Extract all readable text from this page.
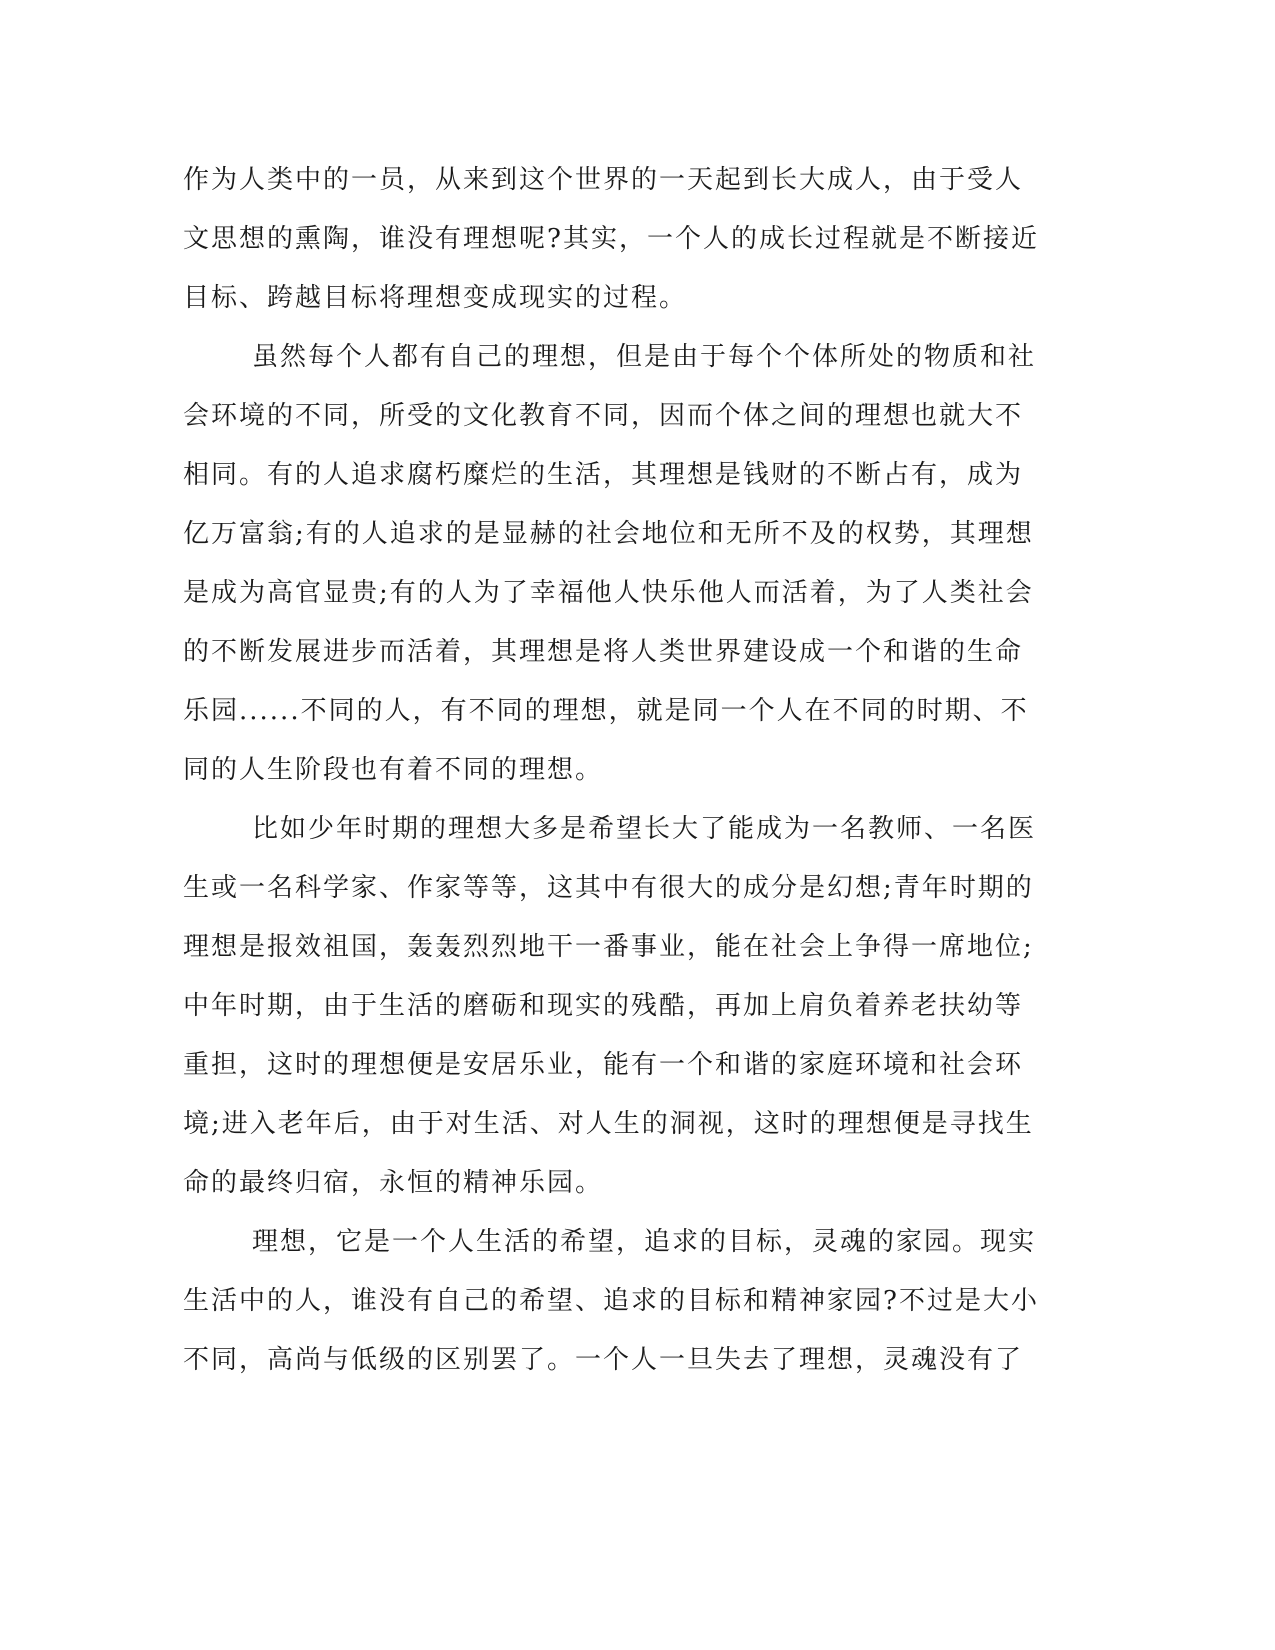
作为人类中的一员，从来到这个世界的一天起到长大成人，由于受人
文思想的熏陶，谁没有理想呢?其实，一个人的成长过程就是不断接近
目标、跨越目标将理想变成现实的过程。
虽然每个人都有自己的理想，但是由于每个个体所处的物质和社
会环境的不同，所受的文化教育不同，因而个体之间的理想也就大不
相同。有的人追求腐朽糜烂的生活，其理想是钱财的不断占有，成为
亿万富翁;有的人追求的是显赫的社会地位和无所不及的权势，其理想
是成为高官显贵;有的人为了幸福他人快乐他人而活着，为了人类社会
的不断发展进步而活着，其理想是将人类世界建设成一个和谐的生命
乐园......不同的人，有不同的理想，就是同一个人在不同的时期、不
同的人生阶段也有着不同的理想。
比如少年时期的理想大多是希望长大了能成为一名教师、一名医
生或一名科学家、作家等等，这其中有很大的成分是幻想;青年时期的
理想是报效祖国，轰轰烈烈地干一番事业，能在社会上争得一席地位;
中年时期，由于生活的磨砺和现实的残酷，再加上肩负着养老扶幼等
重担，这时的理想便是安居乐业，能有一个和谐的家庭环境和社会环
境;进入老年后，由于对生活、对人生的洞视，这时的理想便是寻找生
命的最终归宿，永恒的精神乐园。
理想，它是一个人生活的希望，追求的目标，灵魂的家园。现实
生活中的人，谁没有自己的希望、追求的目标和精神家园?不过是大小
不同，高尚与低级的区别罢了。一个人一旦失去了理想，灵魂没有了
